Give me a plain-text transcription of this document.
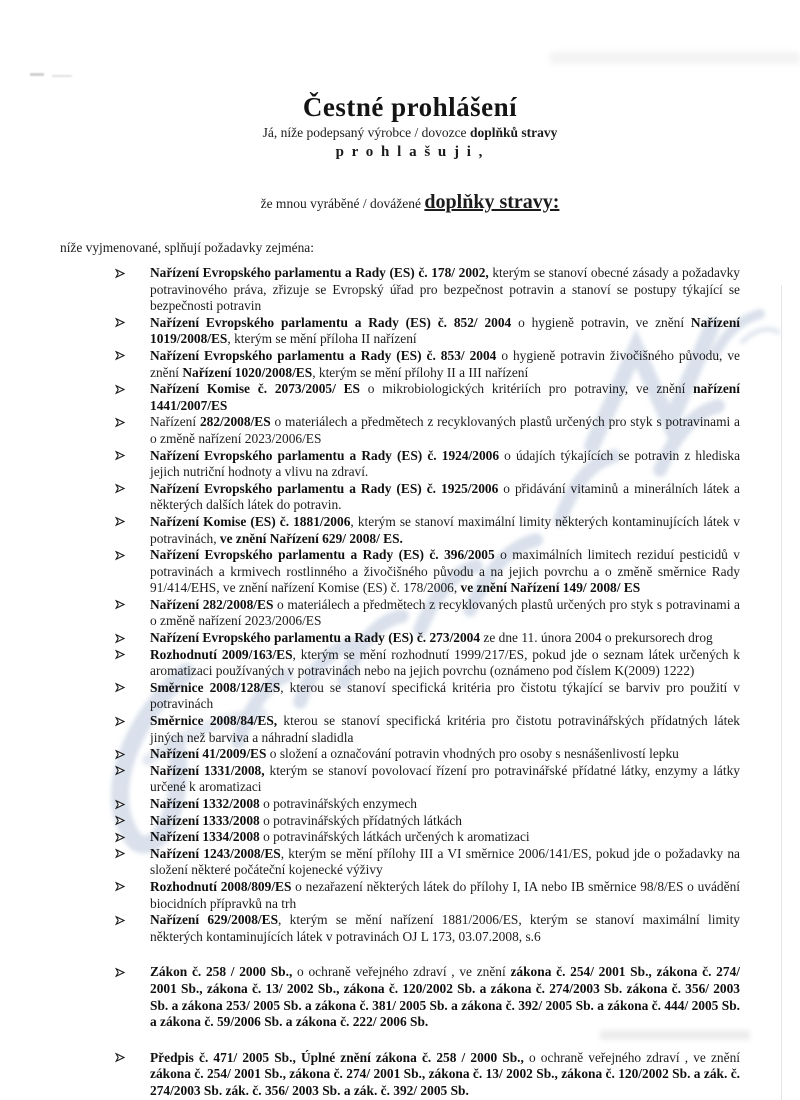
Čestné prohlášení

Já, níže podepsaný výrobce / dovozce doplňků stravy

p r o h l a š u j i ,

že mnou vyráběné / dovážené doplňky stravy:

níže vyjmenované, splňují požadavky zejména:

Nařízení Evropského parlamentu a Rady (ES) č. 178/ 2002, kterým se stanoví obecné zásady a požadavky potravinového práva, zřizuje se Evropský úřad pro bezpečnost potravin a stanoví se postupy týkající se bezpečnosti potravin
Nařízení Evropského parlamentu a Rady (ES) č. 852/ 2004 o hygieně potravin, ve znění Nařízení 1019/2008/ES, kterým se mění příloha II nařízení
Nařízení Evropského parlamentu a Rady (ES) č. 853/ 2004 o hygieně potravin živočišného původu, ve znění Nařízení 1020/2008/ES, kterým se mění přílohy II a III nařízení
Nařízení Komise č. 2073/2005/ ES o mikrobiologických kritériích pro potraviny, ve znění nařízení 1441/2007/ES
Nařízení 282/2008/ES o materiálech a předmětech z recyklovaných plastů určených pro styk s potravinami a o změně nařízení 2023/2006/ES
Nařízení Evropského parlamentu a Rady (ES) č. 1924/2006 o údajích týkajících se potravin z hlediska jejich nutriční hodnoty a vlivu na zdraví.
Nařízení Evropského parlamentu a Rady (ES) č. 1925/2006 o přidávání vitaminů a minerálních látek a některých dalších látek do potravin.
Nařízení Komise (ES) č. 1881/2006, kterým se stanoví maximální limity některých kontaminujících látek v potravinách, ve znění Nařízení 629/ 2008/ ES.
Nařízení Evropského parlamentu a Rady (ES) č. 396/2005 o maximálních limitech reziduí pesticidů v potravinách a krmivech rostlinného a živočišného původu a na jejich povrchu a o změně směrnice Rady 91/414/EHS, ve znění nařízení Komise (ES) č. 178/2006, ve znění Nařízení 149/ 2008/ ES
Nařízení 282/2008/ES o materiálech a předmětech z recyklovaných plastů určených pro styk s potravinami a o změně nařízení 2023/2006/ES
Nařízení Evropského parlamentu a Rady (ES) č. 273/2004 ze dne 11. února 2004 o prekursorech drog
Rozhodnutí 2009/163/ES, kterým se mění rozhodnutí 1999/217/ES, pokud jde o seznam látek určených k aromatizaci používaných v potravinách nebo na jejich povrchu (oznámeno pod číslem K(2009) 1222)
Směrnice 2008/128/ES, kterou se stanoví specifická kritéria pro čistotu týkající se barviv pro použití v potravinách
Směrnice 2008/84/ES, kterou se stanoví specifická kritéria pro čistotu potravinářských přídatných látek jiných než barviva a náhradní sladidla
Nařízení 41/2009/ES o složení a označování potravin vhodných pro osoby s nesnášenlivostí lepku
Nařízení 1331/2008, kterým se stanoví povolovací řízení pro potravinářské přídatné látky, enzymy a látky určené k aromatizaci
Nařízení 1332/2008 o potravinářských enzymech
Nařízení 1333/2008 o potravinářských přídatných látkách
Nařízení 1334/2008 o potravinářských látkách určených k aromatizaci
Nařízení 1243/2008/ES, kterým se mění přílohy III a VI směrnice 2006/141/ES, pokud jde o požadavky na složení některé počáteční kojenecké výživy
Rozhodnutí 2008/809/ES o nezařazení některých látek do přílohy I, IA nebo IB směrnice 98/8/ES o uvádění biocidních přípravků na trh
Nařízení 629/2008/ES, kterým se mění nařízení 1881/2006/ES, kterým se stanoví maximální limity některých kontaminujících látek v potravinách OJ L 173, 03.07.2008, s.6
Zákon č. 258 / 2000 Sb., o ochraně veřejného zdraví , ve znění zákona č. 254/ 2001 Sb., zákona č. 274/ 2001 Sb., zákona č. 13/ 2002 Sb., zákona č. 120/2002 Sb. a zákona č. 274/2003 Sb. zákona č. 356/ 2003 Sb. a zákona 253/ 2005 Sb. a zákona č. 381/ 2005 Sb. a zákona č. 392/ 2005 Sb. a zákona č. 444/ 2005 Sb. a zákona č. 59/2006 Sb. a zákona č. 222/ 2006 Sb.
Předpis č. 471/ 2005 Sb., Úplné znění zákona č. 258 / 2000 Sb., o ochraně veřejného zdraví , ve znění zákona č. 254/ 2001 Sb., zákona č. 274/ 2001 Sb., zákona č. 13/ 2002 Sb., zákona č. 120/2002 Sb. a zák. č. 274/2003 Sb. zák. č. 356/ 2003 Sb. a zák. č. 392/ 2005 Sb.
